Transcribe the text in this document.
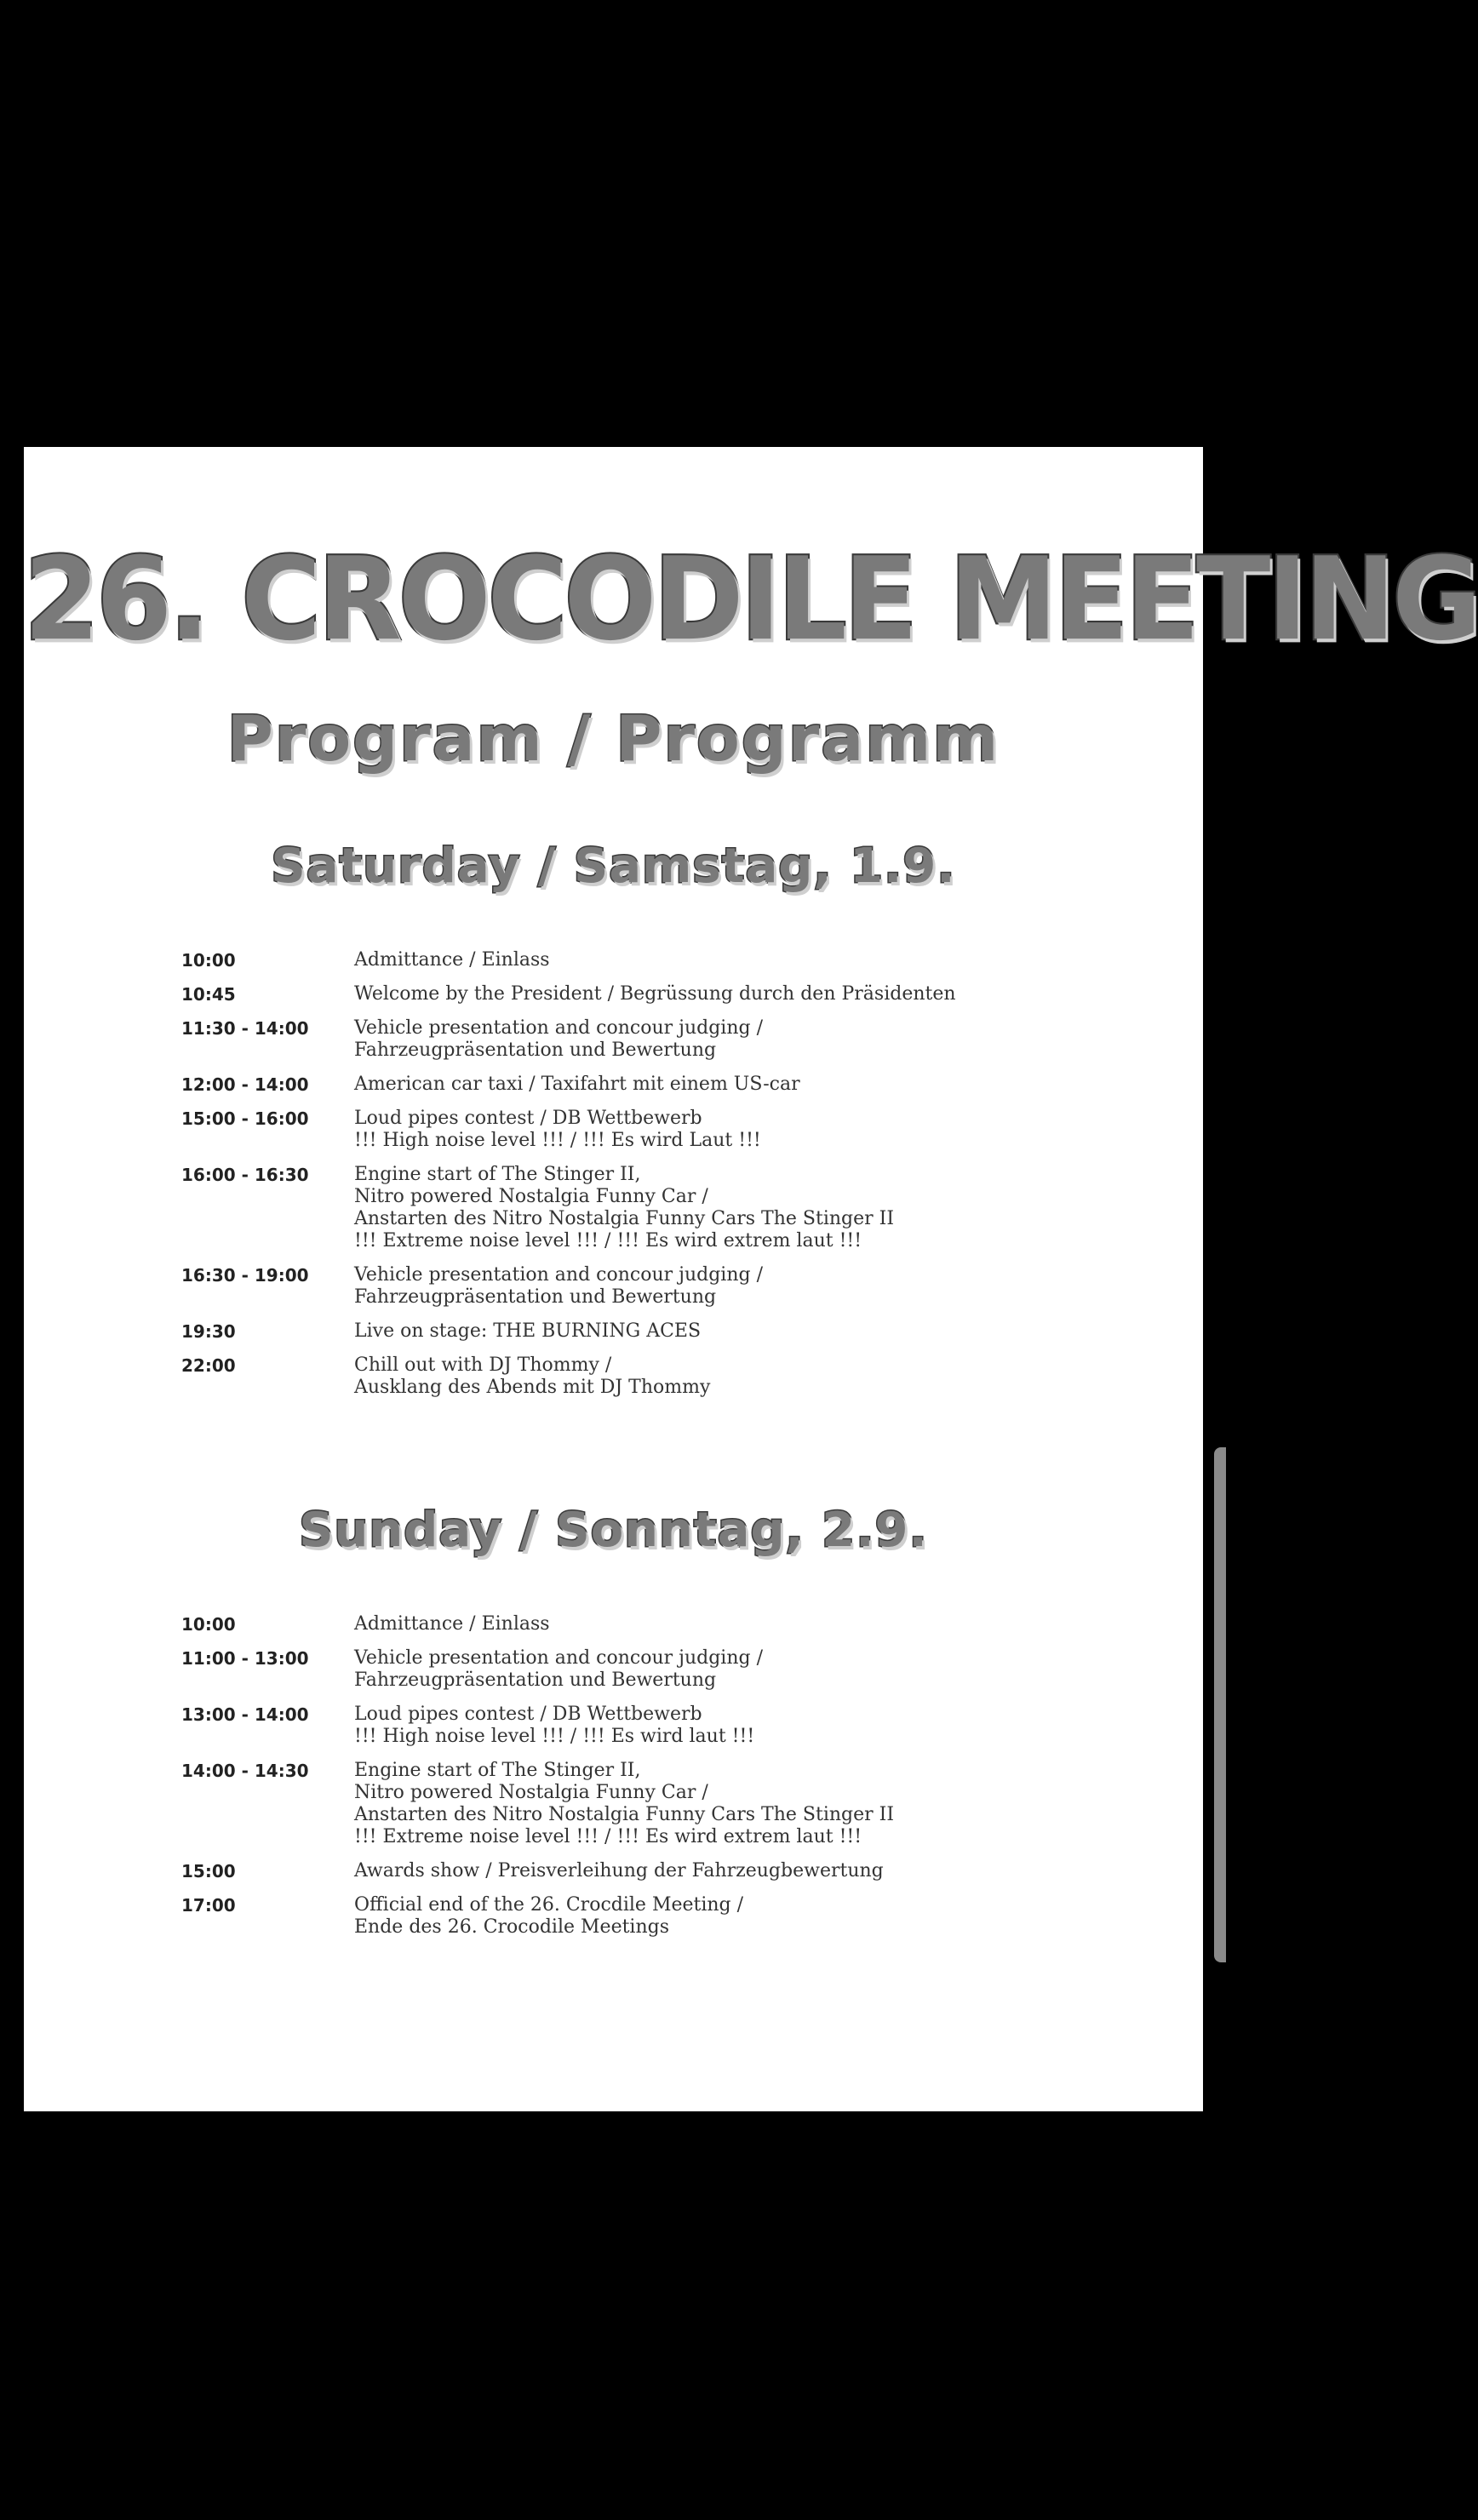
26. CROCODILE MEETING
Program / Programm
Saturday / Samstag, 1.9.
10:00	Admittance / Einlass
10:45	Welcome by the President / Begrüssung durch den Präsidenten
11:30 - 14:00	Vehicle presentation and concour judging /
Fahrzeugpräsentation und Bewertung
12:00 - 14:00	American car taxi / Taxifahrt mit einem US-car
15:00 - 16:00	Loud pipes contest / DB Wettbewerb
!!! High noise level !!! / !!! Es wird Laut !!!
16:00 - 16:30	Engine start of The Stinger II,
Nitro powered Nostalgia Funny Car /
Anstarten des Nitro Nostalgia Funny Cars The Stinger II
!!! Extreme noise level !!! / !!! Es wird extrem laut !!!
16:30 - 19:00	Vehicle presentation and concour judging /
Fahrzeugpräsentation und Bewertung
19:30	Live on stage: THE BURNING ACES
22:00	Chill out with DJ Thommy /
Ausklang des Abends mit DJ Thommy
Sunday / Sonntag, 2.9.
10:00	Admittance / Einlass
11:00 - 13:00	Vehicle presentation and concour judging /
Fahrzeugpräsentation und Bewertung
13:00 - 14:00	Loud pipes contest / DB Wettbewerb
!!! High noise level !!! / !!! Es wird laut !!!
14:00 - 14:30	Engine start of The Stinger II,
Nitro powered Nostalgia Funny Car /
Anstarten des Nitro Nostalgia Funny Cars The Stinger II
!!! Extreme noise level !!! / !!! Es wird extrem laut !!!
15:00	Awards show / Preisverleihung der Fahrzeugbewertung
17:00	Official end of the 26. Crocdile Meeting /
Ende des 26. Crocodile Meetings
